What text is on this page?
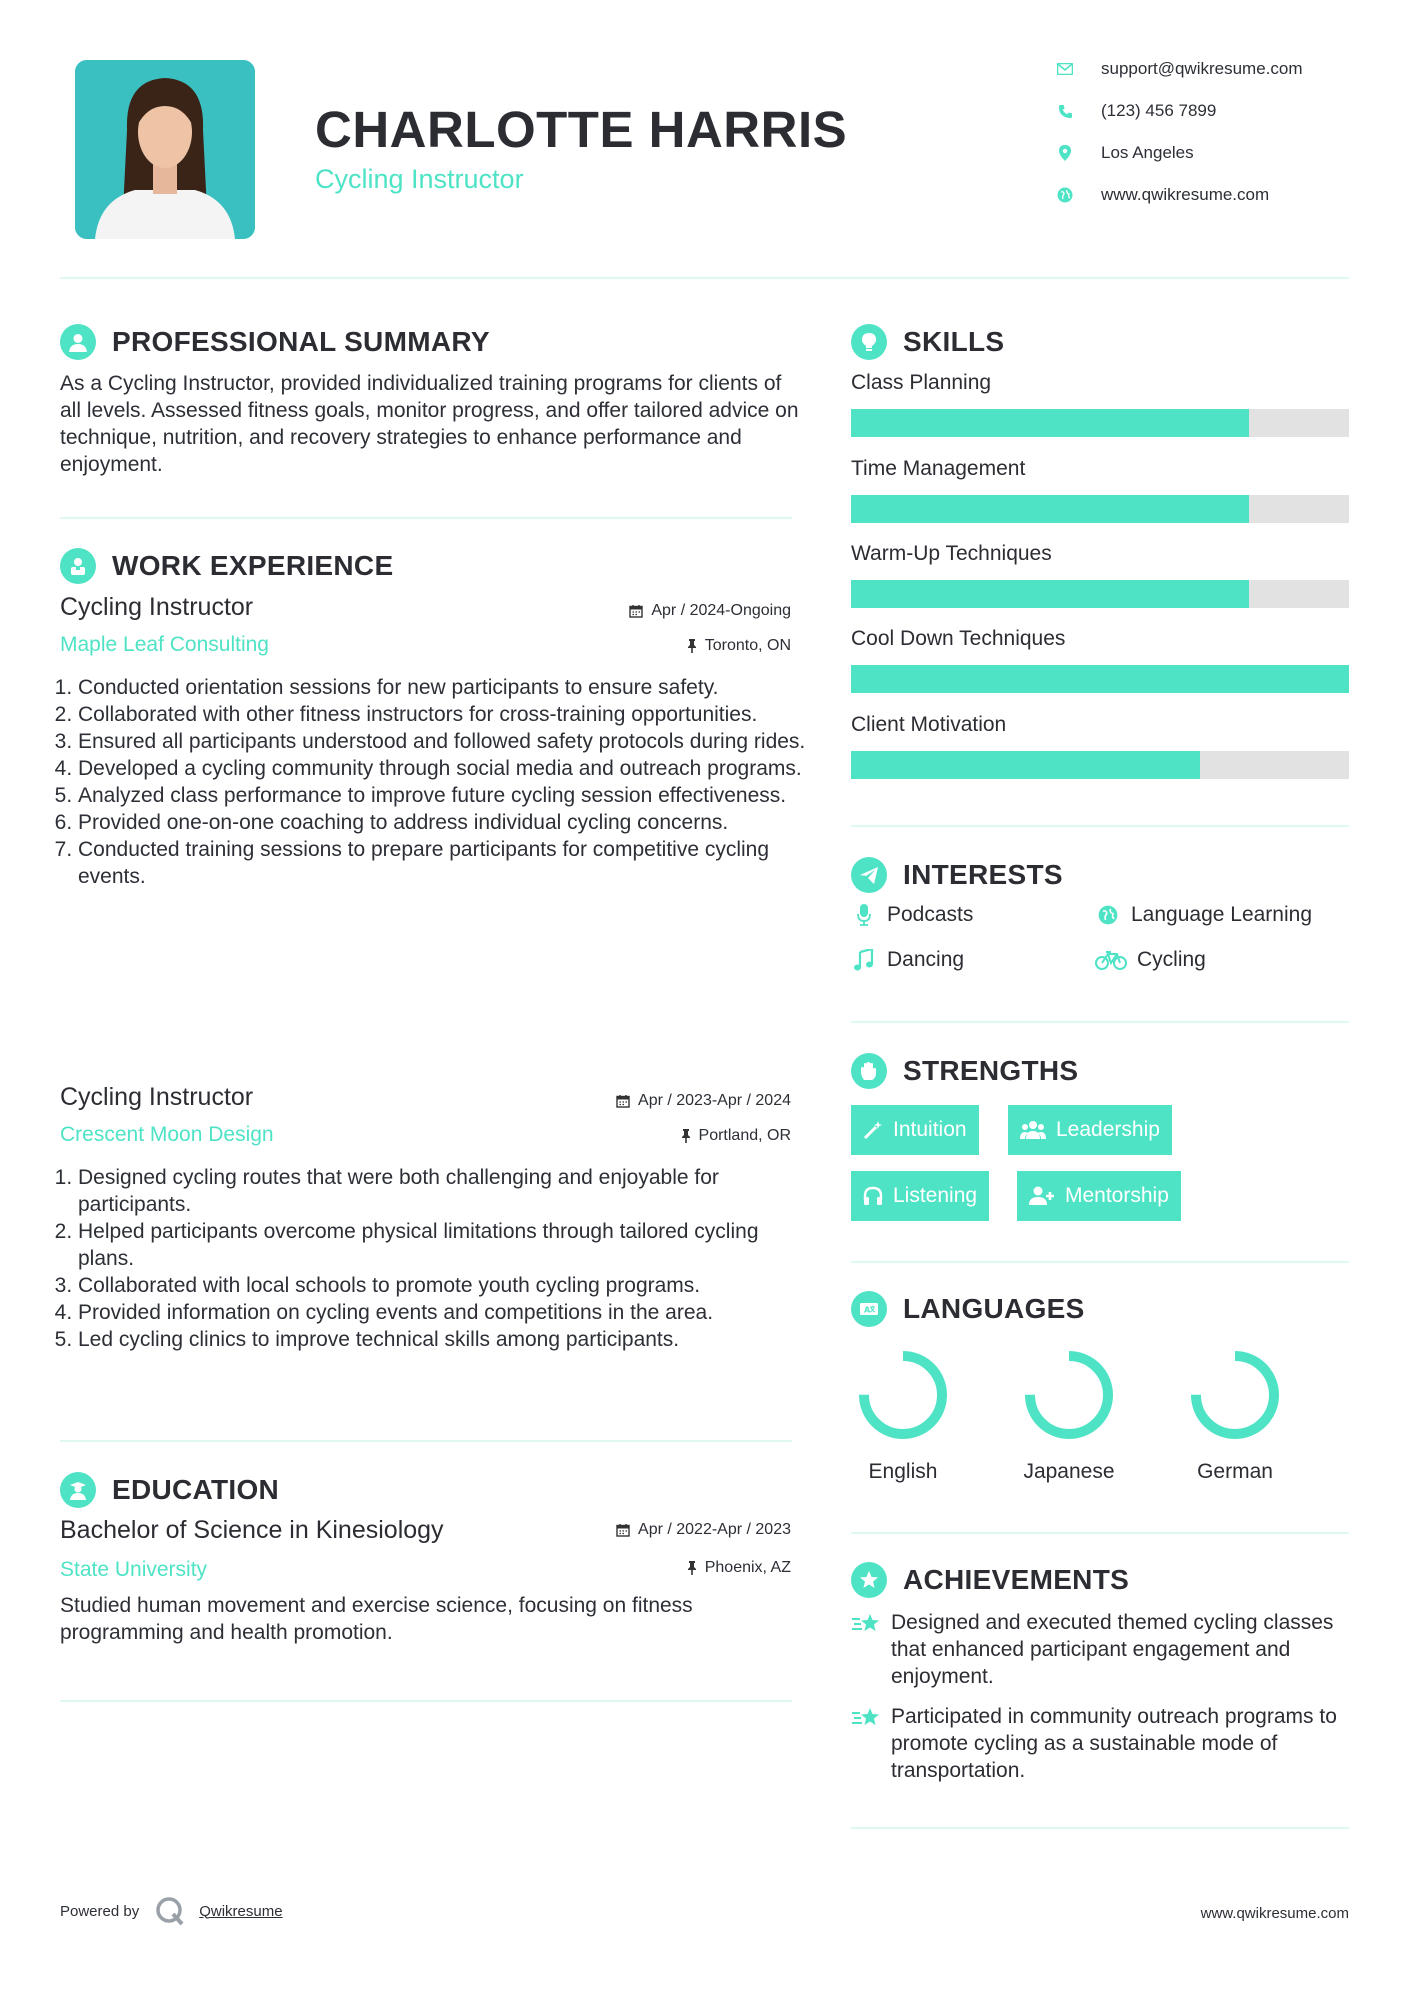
CHARLOTTE HARRIS
Cycling Instructor
support@qwikresume.com
(123) 456 7899
Los Angeles
www.qwikresume.com
PROFESSIONAL SUMMARY
As a Cycling Instructor, provided individualized training programs for clients of all levels. Assessed fitness goals, monitor progress, and offer tailored advice on technique, nutrition, and recovery strategies to enhance performance and enjoyment.
WORK EXPERIENCE
Cycling Instructor	Apr / 2024-Ongoing
Maple Leaf Consulting	Toronto, ON
1. Conducted orientation sessions for new participants to ensure safety.
2. Collaborated with other fitness instructors for cross-training opportunities.
3. Ensured all participants understood and followed safety protocols during rides.
4. Developed a cycling community through social media and outreach programs.
5. Analyzed class performance to improve future cycling session effectiveness.
6. Provided one-on-one coaching to address individual cycling concerns.
7. Conducted training sessions to prepare participants for competitive cycling events.
Cycling Instructor	Apr / 2023-Apr / 2024
Crescent Moon Design	Portland, OR
1. Designed cycling routes that were both challenging and enjoyable for participants.
2. Helped participants overcome physical limitations through tailored cycling plans.
3. Collaborated with local schools to promote youth cycling programs.
4. Provided information on cycling events and competitions in the area.
5. Led cycling clinics to improve technical skills among participants.
EDUCATION
Bachelor of Science in Kinesiology	Apr / 2022-Apr / 2023
State University	Phoenix, AZ
Studied human movement and exercise science, focusing on fitness programming and health promotion.
SKILLS
Class Planning
Time Management
Warm-Up Techniques
Cool Down Techniques
Client Motivation
INTERESTS
Podcasts	Language Learning
Dancing	Cycling
STRENGTHS
Intuition	Leadership
Listening	Mentorship
A LANGUAGES
English	Japanese	German
ACHIEVEMENTS
Designed and executed themed cycling classes that enhanced participant engagement and enjoyment.
Participated in community outreach programs to promote cycling as a sustainable mode of transportation.
Powered by	Qwikresume	www.qwikresume.com
